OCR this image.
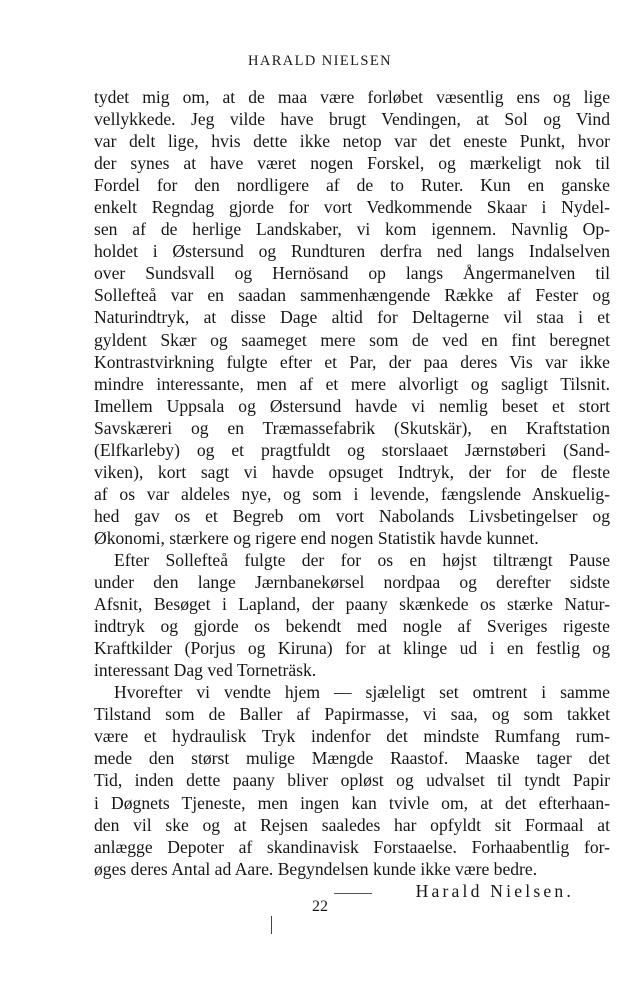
HARALD NIELSEN
tydet mig om, at de maa være forløbet væsentlig ens og lige
vellykkede. Jeg vilde have brugt Vendingen, at Sol og Vind
var delt lige, hvis dette ikke netop var det eneste Punkt, hvor
der synes at have været nogen Forskel, og mærkeligt nok til
Fordel for den nordligere af de to Ruter. Kun en ganske
enkelt Regndag gjorde for vort Vedkommende Skaar i Nydel-
sen af de herlige Landskaber, vi kom igennem. Navnlig Op-
holdet i Østersund og Rundturen derfra ned langs Indalselven
over Sundsvall og Hernösand op langs Ångermanelven til
Sollefteå var en saadan sammenhængende Række af Fester og
Naturindtryk, at disse Dage altid for Deltagerne vil staa i et
gyldent Skær og saameget mere som de ved en fint beregnet
Kontrastvirkning fulgte efter et Par, der paa deres Vis var ikke
mindre interessante, men af et mere alvorligt og sagligt Tilsnit.
Imellem Uppsala og Østersund havde vi nemlig beset et stort
Savskæreri og en Træmassefabrik (Skutskär), en Kraftstation
(Elfkarleby) og et pragtfuldt og storslaaet Jærnstøberi (Sand-
viken), kort sagt vi havde opsuget Indtryk, der for de fleste
af os var aldeles nye, og som i levende, fængslende Anskuelig-
hed gav os et Begreb om vort Nabolands Livsbetingelser og
Økonomi, stærkere og rigere end nogen Statistik havde kunnet.
Efter Sollefteå fulgte der for os en højst tiltrængt Pause
under den lange Jærnbanekørsel nordpaa og derefter sidste
Afsnit, Besøget i Lapland, der paany skænkede os stærke Natur-
indtryk og gjorde os bekendt med nogle af Sveriges rigeste
Kraftkilder (Porjus og Kiruna) for at klinge ud i en festlig og
interessant Dag ved Torneträsk.
Hvorefter vi vendte hjem — sjæleligt set omtrent i samme
Tilstand som de Baller af Papirmasse, vi saa, og som takket
være et hydraulisk Tryk indenfor det mindste Rumfang rum-
mede den størst mulige Mængde Raastof. Maaske tager det
Tid, inden dette paany bliver opløst og udvalset til tyndt Papir
i Døgnets Tjeneste, men ingen kan tvivle om, at det efterhaan-
den vil ske og at Rejsen saaledes har opfyldt sit Formaal at
anlægge Depoter af skandinavisk Forstaaelse. Forhaabentlig for-
øges deres Antal ad Aare. Begyndelsen kunde ikke være bedre.
Harald Nielsen.
22
